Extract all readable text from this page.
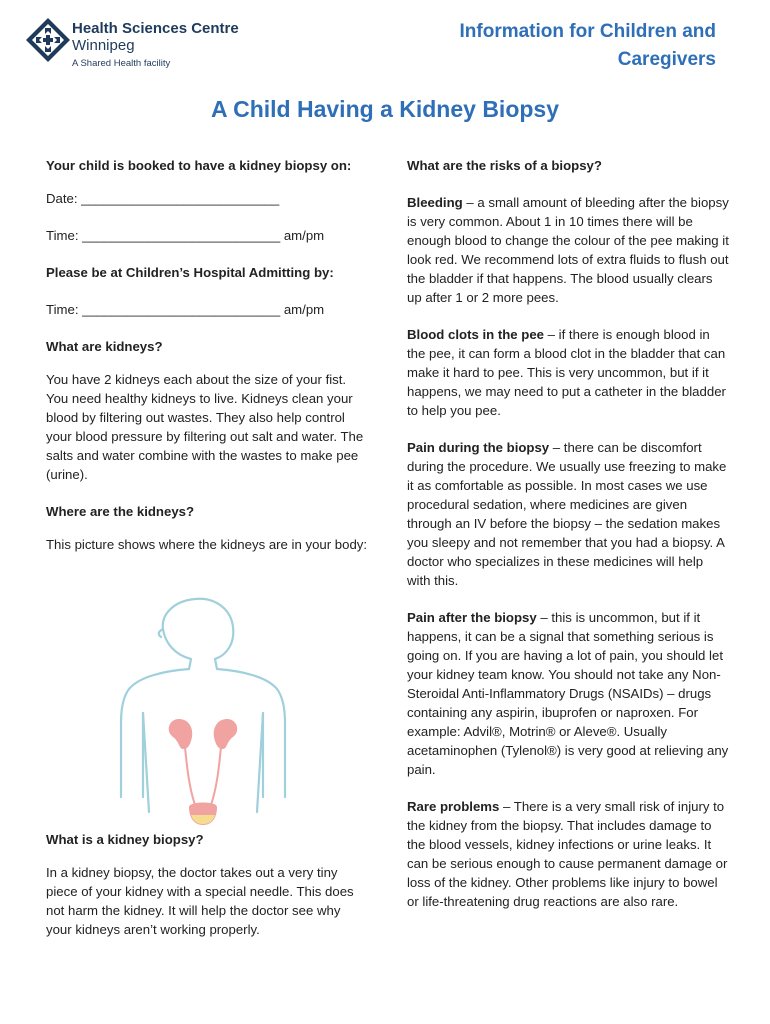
Health Sciences Centre
Winnipeg
A Shared Health facility
Information for Children and
Caregivers
A Child Having a Kidney Biopsy

Your child is booked to have a kidney biopsy on:

Date: ___________________________

Time: ___________________________ am/pm

Please be at Children’s Hospital Admitting by:

Time: ___________________________ am/pm

What are kidneys?

You have 2 kidneys each about the size of your fist. You need healthy kidneys to live. Kidneys clean your blood by filtering out wastes. They also help control your blood pressure by filtering out salt and water. The salts and water combine with the wastes to make pee (urine).

Where are the kidneys?

This picture shows where the kidneys are in your body:

What is a kidney biopsy?

In a kidney biopsy, the doctor takes out a very tiny piece of your kidney with a special needle. This does not harm the kidney. It will help the doctor see why your kidneys aren’t working properly.

What are the risks of a biopsy?

Bleeding – a small amount of bleeding after the biopsy is very common. About 1 in 10 times there will be enough blood to change the colour of the pee making it look red. We recommend lots of extra fluids to flush out the bladder if that happens. The blood usually clears up after 1 or 2 more pees.

Blood clots in the pee – if there is enough blood in the pee, it can form a blood clot in the bladder that can make it hard to pee. This is very uncommon, but if it happens, we may need to put a catheter in the bladder to help you pee.

Pain during the biopsy – there can be discomfort during the procedure. We usually use freezing to make it as comfortable as possible. In most cases we use procedural sedation, where medicines are given through an IV before the biopsy – the sedation makes you sleepy and not remember that you had a biopsy. A doctor who specializes in these medicines will help with this.

Pain after the biopsy – this is uncommon, but if it happens, it can be a signal that something serious is going on. If you are having a lot of pain, you should let your kidney team know. You should not take any Non-Steroidal Anti-Inflammatory Drugs (NSAIDs) – drugs containing any aspirin, ibuprofen or naproxen. For example: Advil®, Motrin® or Aleve®. Usually acetaminophen (Tylenol®) is very good at relieving any pain.

Rare problems – There is a very small risk of injury to the kidney from the biopsy. That includes damage to the blood vessels, kidney infections or urine leaks. It can be serious enough to cause permanent damage or loss of the kidney. Other problems like injury to bowel or life-threatening drug reactions are also rare.
